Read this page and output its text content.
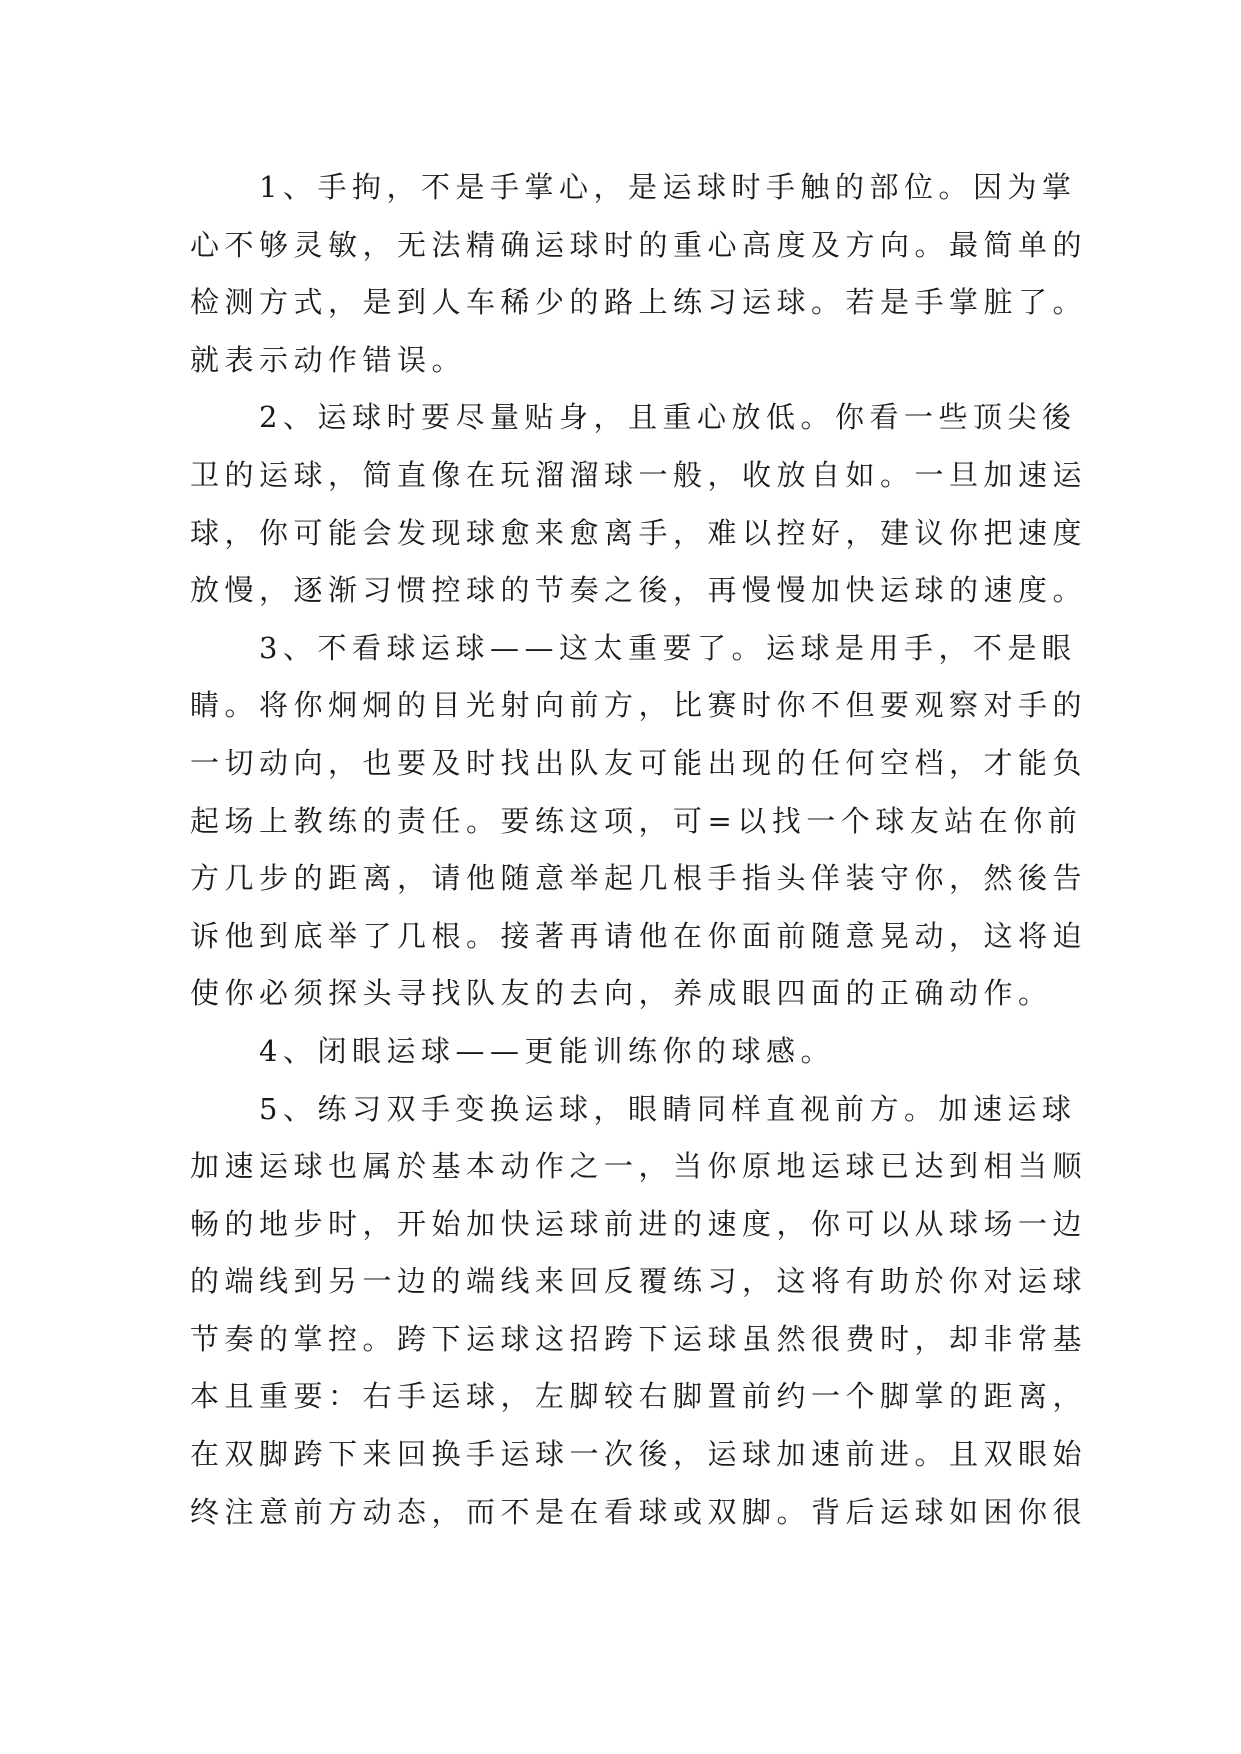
1、手拘，不是手掌心，是运球时手触的部位。因为掌
心不够灵敏，无法精确运球时的重心高度及方向。最简单的
检测方式，是到人车稀少的路上练习运球。若是手掌脏了。
就表示动作错误。
2、运球时要尽量贴身，且重心放低。你看一些顶尖後
卫的运球，简直像在玩溜溜球一般，收放自如。一旦加速运
球，你可能会发现球愈来愈离手，难以控好，建议你把速度
放慢，逐渐习惯控球的节奏之後，再慢慢加快运球的速度。
3、不看球运球——这太重要了。运球是用手，不是眼
睛。将你炯炯的目光射向前方，比赛时你不但要观察对手的
一切动向，也要及时找出队友可能出现的任何空档，才能负
起场上教练的责任。要练这项，可=以找一个球友站在你前
方几步的距离，请他随意举起几根手指头佯装守你，然後告
诉他到底举了几根。接著再请他在你面前随意晃动，这将迫
使你必须探头寻找队友的去向，养成眼四面的正确动作。
4、闭眼运球——更能训练你的球感。
5、练习双手变换运球，眼睛同样直视前方。加速运球
加速运球也属於基本动作之一，当你原地运球已达到相当顺
畅的地步时，开始加快运球前进的速度，你可以从球场一边
的端线到另一边的端线来回反覆练习，这将有助於你对运球
节奏的掌控。跨下运球这招跨下运球虽然很费时，却非常基
本且重要：右手运球，左脚较右脚置前约一个脚掌的距离，
在双脚跨下来回换手运球一次後，运球加速前进。且双眼始
终注意前方动态，而不是在看球或双脚。背后运球如困你很
